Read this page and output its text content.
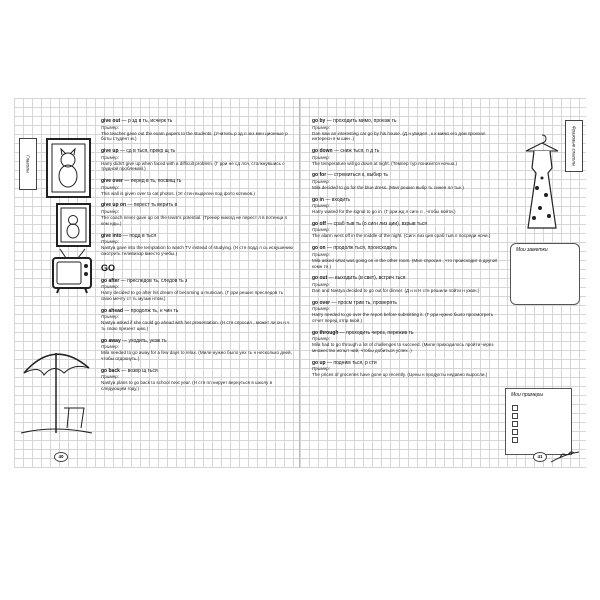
Глаголы
give out — р зд в ть, исчерк ть
Пример:
The teacher gave out the exam papers to the students. (Учитель р зд л экз мен ционные р боты студент м.)
give up — сд в ться, прекр щ ть
Пример:
Harry didn't give up when faced with a difficult problem. (Г рри не сд лся, столкнувшись с трудной проблемой.)
give over — перед в ть, посвящ ть
Пример:
This wall is given over to cat photos. (Эт стен выделен под фото котиков.)
give up on — перест ть верить в
Пример:
The coach never gave up on the team's potential. (Тренер никогд не перест л в потенци л ком нды.)
give into — подд в ться
Пример:
Nastya gave into the temptation to watch TV instead of studying. (Н стя подд л сь искушению смотреть телевизор вместо учебы.)
GO
go after — преследов ть, следов ть з
Пример:
Harry decided to go after his dream of becoming a musician. (Г рри решил преследов ть свою мечту ст ть музык нтом.)
go ahead — продолж ть, н чин ть
Пример:
Nastya asked if she could go ahead with her presentation. (Н стя спросил , может ли он н ч ть свою презент цию.)
go away — уходить, уезж ть
Пример:
Mila needed to go away for a few days to relax. (Миле нужно было уех ть н несколько дней, чтобы отдохнуть.)
go back — возвр щ ться
Пример:
Nastya plans to go back to school next year. (Н стя пл нирует вернуться в школу в следующем году.)
40
go by — проходить мимо, проезж ть
Пример:
Dan saw an interesting car go by his house. (Д н увидел , к к мимо его дом проехал интересн я м шин .)
go down — сниж ться, п д ть
Пример:
The temperature will go down at night. (Темпер тур понизится ночью.)
go for — стремиться к, выбир ть
Пример:
Mila decided to go for the blue dress. (Мил решил выбр ть синее пл тье.)
go in — входить
Пример:
Harry waited for the signal to go in. (Г рри жд л сигн л , чтобы войти.)
go off — сраб тыв ть (о сигн лиз ции), взрыв ться
Пример:
The alarm went off in the middle of the night. (Сигн лиз ция сраб тыв л посреди ночи.)
go on — продолж ться, происходить
Пример:
Mila asked what was going on in the other room. (Мил спросил , что происходит в другой комн те.)
go out — выходить (в свет), встреч ться
Пример:
Dan and Nastya decided to go out for dinner. (Д н и Н стя решили пойти н ужин.)
go over — просм трив ть, проверять
Пример:
Harry needed to go over the report before submitting it. (Г рри нужно было просмотреть отчет перед отпр вкой.)
go through — проходить через, пережив ть
Пример:
Mila had to go through a lot of challenges to succeed. (Миле приходилось пройти через множество испыт ний, чтобы добиться успех .)
go up — подним ться, р сти
Пример:
The prices of groceries have gone up recently. (Цены н продукты недавно выросли.)
Фразовые глаголы
Мои заметки
Мои примеры
41
